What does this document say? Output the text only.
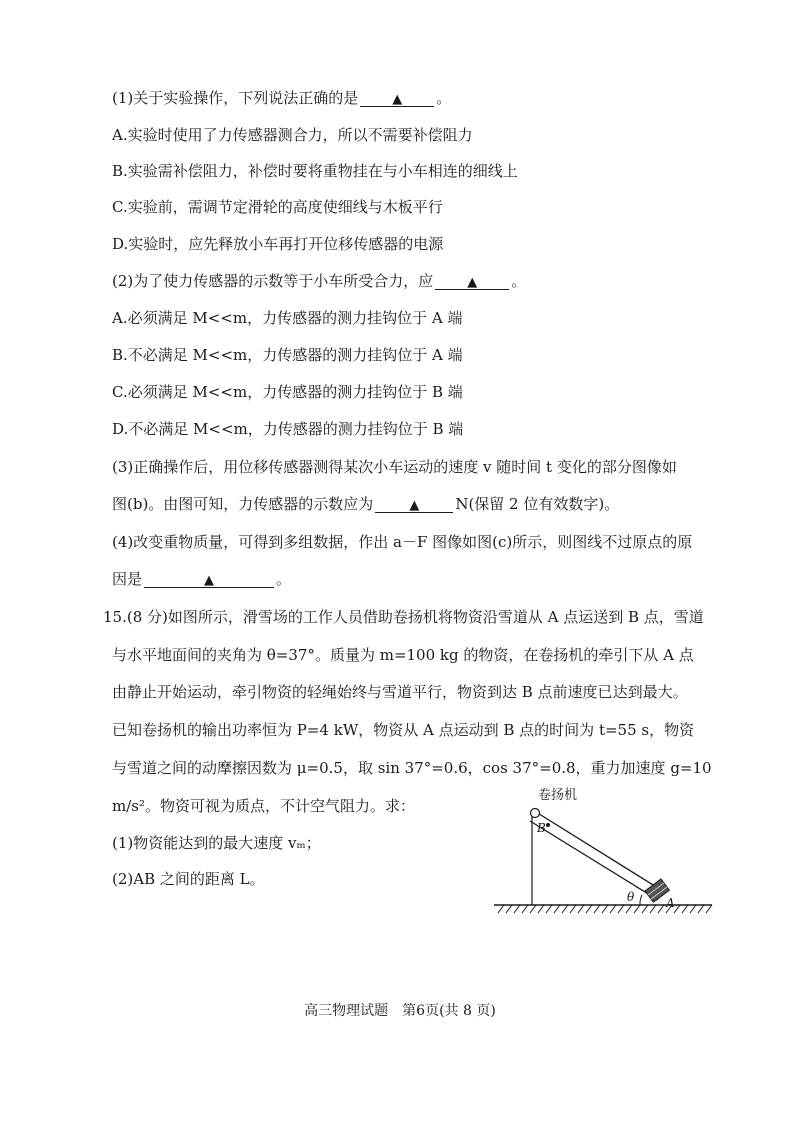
(1)关于实验操作，下列说法正确的是	▲ 。
A.实验时使用了力传感器测合力，所以不需要补偿阻力
B.实验需补偿阻力，补偿时要将重物挂在与小车相连的细线上
C.实验前，需调节定滑轮的高度使细线与木板平行
D.实验时，应先释放小车再打开位移传感器的电源
(2)为了使力传感器的示数等于小车所受合力，应	▲ 。
A.必须满足 M<<m，力传感器的测力挂钩位于 A 端
B.不必满足 M<<m，力传感器的测力挂钩位于 A 端
C.必须满足 M<<m，力传感器的测力挂钩位于 B 端
D.不必满足 M<<m，力传感器的测力挂钩位于 B 端
(3)正确操作后，用位移传感器测得某次小车运动的速度 v 随时间 t 变化的部分图像如
图(b)。由图可知，力传感器的示数应为	▲ N(保留 2 位有效数字)。
(4)改变重物质量，可得到多组数据，作出 a－F 图像如图(c)所示，则图线不过原点的原
因是	▲	。
15.(8 分)如图所示，滑雪场的工作人员借助卷扬机将物资沿雪道从 A 点运送到 B 点，雪道
与水平地面间的夹角为 θ=37°。质量为 m=100 kg 的物资，在卷扬机的牵引下从 A 点
由静止开始运动，牵引物资的轻绳始终与雪道平行，物资到达 B 点前速度已达到最大。
已知卷扬机的输出功率恒为 P=4 kW，物资从 A 点运动到 B 点的时间为 t=55 s，物资
与雪道之间的动摩擦因数为 μ=0.5，取 sin 37°=0.6，cos 37°=0.8，重力加速度 g=10
m/s²。物资可视为质点，不计空气阻力。求：
(1)物资能达到的最大速度 vₘ；
(2)AB 之间的距离 L。
卷扬机
B
A
θ
高三物理试题　第6页(共 8 页)
